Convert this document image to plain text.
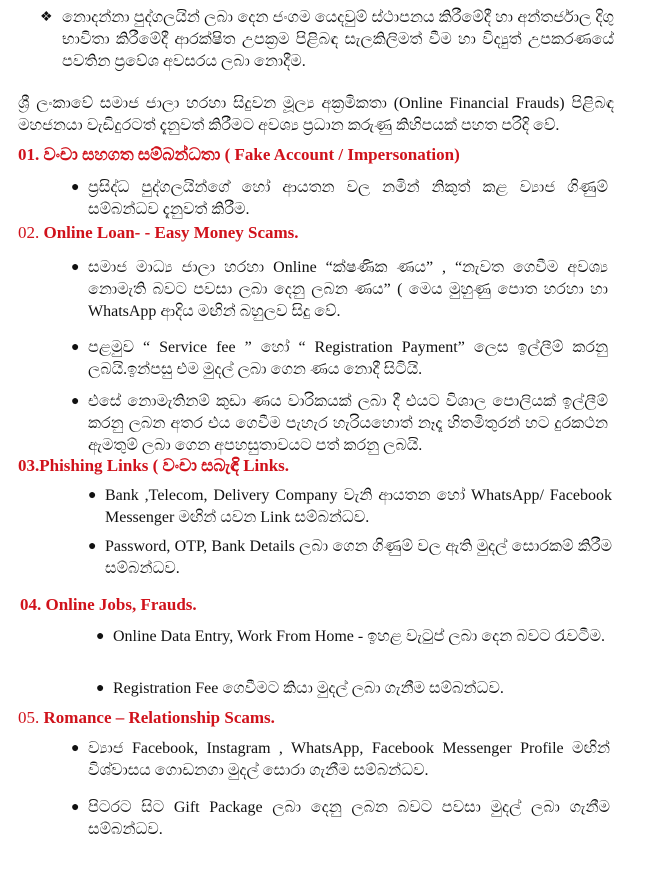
❖ නොදන්නා පුද්ගලයින් ලබා දෙන ජංගම යෙදවුම් ස්ථාපනය කිරීමේදී හා අන්තර්ජාල දිගු භාවිතා කිරීමේදී ආරක්ෂිත උපක්‍රම පිළිබඳ සැලකිලිමත් වීම හා විද්‍යුත් උපකරණයේ පවතින ප්‍රවේශ අවසරය ලබා නොදීම.
ශ්‍රී ලංකාවේ සමාජ ජාලා හරහා සිදුවන මූල්‍ය අක්‍රමිකතා (Online Financial Frauds) පිළිබඳ මහජනයා වැඩිදුරටත් දැනුවත් කිරීමට අවශ්‍ය ප්‍රධාන කරුණු කිහිපයක් පහත පරිදි වේ.
01. වංචා සහගත සම්බන්ධතා ( Fake Account / Impersonation)
● ප්‍රසිද්ධ පුද්ගලයින්ගේ හෝ ආයතන වල නමින් නිකුත් කළ ව්‍යාජ ගිණුම් සම්බන්ධව දැනුවත් කිරීම.
02. Online Loan- - Easy Money Scams.
● සමාජ මාධ්‍ය ජාලා හරහා Online “ක්ෂණික ණය” , “නැවත ගෙවීම අවශ්‍ය නොමැති බවට පවසා ලබා දෙනු ලබන ණය” ( මෙය මුහුණු පොත හරහා හා WhatsApp ආදිය මඟින් බහුලව සිදු වේ.
● පළමුව “ Service fee ” හෝ “ Registration Payment” ලෙස ඉල්ලීම් කරනු ලබයි.ඉන්පසු එම මුදල් ලබා ගෙන ණය නොදී සිටියි.
● එසේ නොමැතිනම් කුඩා ණය වාරිකයක් ලබා දී එයට විශාල පොලියක් ඉල්ලීම් කරනු ලබන අතර එය ගෙවීම පැහැර හැරියහොත් නෑදෑ හිතමිතුරන් හට දුරකථන ඇමතුම් ලබා ගෙන අපහසුතාවයට පත් කරනු ලබයි.
03.Phishing Links ( වංචා සබැඳි Links.
● Bank ,Telecom, Delivery Company වැනි ආයතන හෝ WhatsApp/ Facebook Messenger මඟින් යවන Link සම්බන්ධව.
● Password, OTP, Bank Details ලබා ගෙන ගිණුම් වල ඇති මුදල් සොරකම් කිරීම සම්බන්ධව.
04. Online Jobs, Frauds.
● Online Data Entry, Work From Home - ඉහළ වැටුප් ලබා දෙන බවට රැවටීම.
● Registration Fee ගෙවීමට කියා මුදල් ලබා ගැනීම සම්බන්ධව.
05. Romance – Relationship Scams.
● ව්‍යාජ Facebook, Instagram , WhatsApp, Facebook Messenger Profile මඟින් විශ්වාසය ගොඩනගා මුදල් සොරා ගැනීම සම්බන්ධව.
● පිටරට සිට Gift Package ලබා දෙනු ලබන බවට පවසා මුදල් ලබා ගැනීම සම්බන්ධව.
